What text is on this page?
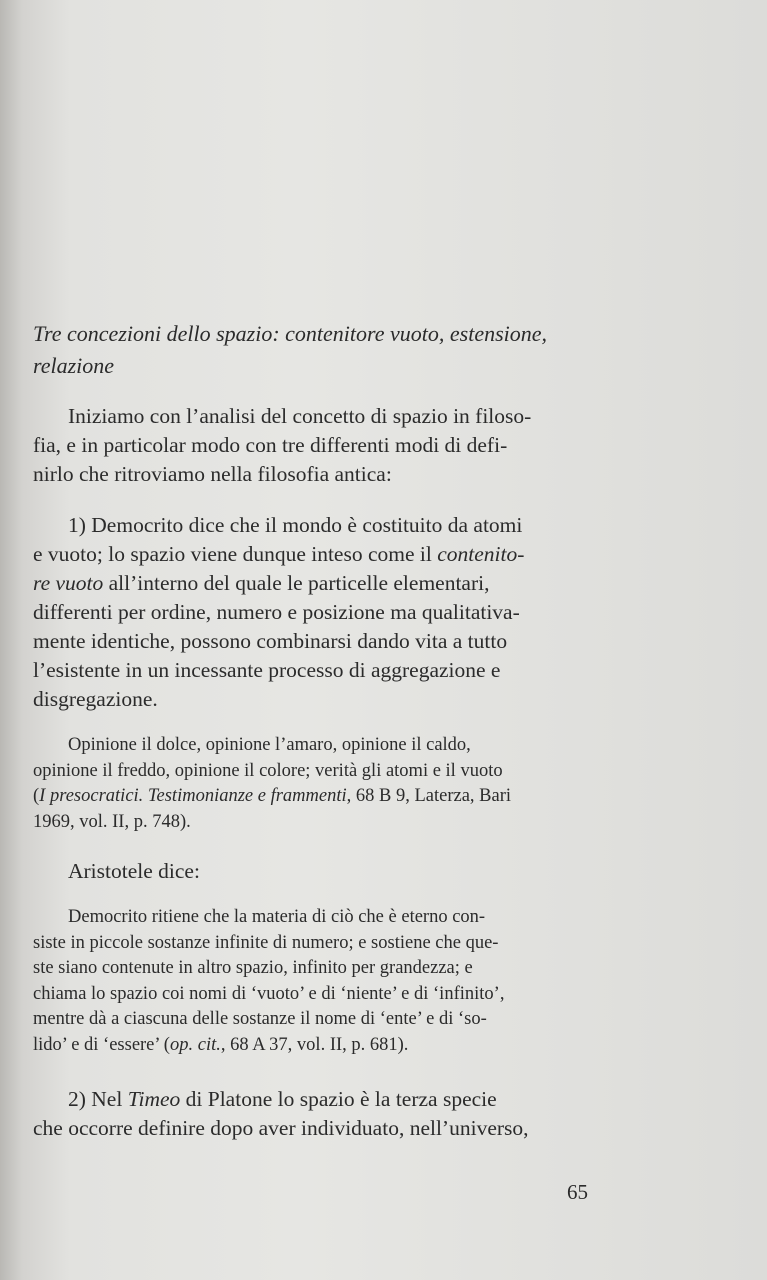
Tre concezioni dello spazio: contenitore vuoto, estensione,
relazione
Iniziamo con l’analisi del concetto di spazio in filoso-
fia, e in particolar modo con tre differenti modi di defi-
nirlo che ritroviamo nella filosofia antica:
1) Democrito dice che il mondo è costituito da atomi
e vuoto; lo spazio viene dunque inteso come il contenito-
re vuoto all’interno del quale le particelle elementari,
differenti per ordine, numero e posizione ma qualitativa-
mente identiche, possono combinarsi dando vita a tutto
l’esistente in un incessante processo di aggregazione e
disgregazione.
Opinione il dolce, opinione l’amaro, opinione il caldo,
opinione il freddo, opinione il colore; verità gli atomi e il vuoto
(I presocratici. Testimonianze e frammenti, 68 B 9, Laterza, Bari
1969, vol. II, p. 748).
Aristotele dice:
Democrito ritiene che la materia di ciò che è eterno con-
siste in piccole sostanze infinite di numero; e sostiene che que-
ste siano contenute in altro spazio, infinito per grandezza; e
chiama lo spazio coi nomi di ‘vuoto’ e di ‘niente’ e di ‘infinito’,
mentre dà a ciascuna delle sostanze il nome di ‘ente’ e di ‘so-
lido’ e di ‘essere’ (op. cit., 68 A 37, vol. II, p. 681).
2) Nel Timeo di Platone lo spazio è la terza specie
che occorre definire dopo aver individuato, nell’universo,
65
